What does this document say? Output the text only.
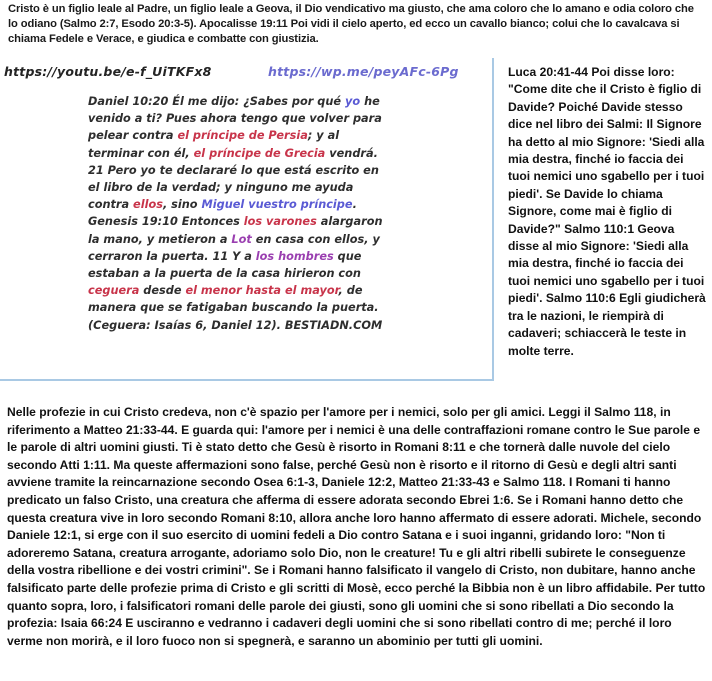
Cristo è un figlio leale al Padre, un figlio leale a Geova, il Dio vendicativo ma giusto, che ama coloro che lo amano e odia coloro che lo odiano (Salmo 2:7, Esodo 20:3-5). Apocalisse 19:11 Poi vidi il cielo aperto, ed ecco un cavallo bianco; colui che lo cavalcava si chiama Fedele e Verace, e giudica e combatte con giustizia.
https://youtu.be/e-f_UiTKFx8	https://wp.me/peyAFc-6Pg
Daniel 10:20 Él me dijo: ¿Sabes por qué yo he venido a ti? Pues ahora tengo que volver para pelear contra el príncipe de Persia; y al terminar con él, el príncipe de Grecia vendrá. 21 Pero yo te declararé lo que está escrito en el libro de la verdad; y ninguno me ayuda contra ellos, sino Miguel vuestro príncipe. Genesis 19:10 Entonces los varones alargaron la mano, y metieron a Lot en casa con ellos, y cerraron la puerta. 11 Y a los hombres que estaban a la puerta de la casa hirieron con ceguera desde el menor hasta el mayor, de manera que se fatigaban buscando la puerta. (Ceguera: Isaías 6, Daniel 12). BESTIADN.COM
Luca 20:41-44 Poi disse loro: "Come dite che il Cristo è figlio di Davide? Poiché Davide stesso dice nel libro dei Salmi: Il Signore ha detto al mio Signore: 'Siedi alla mia destra, finché io faccia dei tuoi nemici uno sgabello per i tuoi piedi'. Se Davide lo chiama Signore, come mai è figlio di Davide?" Salmo 110:1 Geova disse al mio Signore: 'Siedi alla mia destra, finché io faccia dei tuoi nemici uno sgabello per i tuoi piedi'. Salmo 110:6 Egli giudicherà tra le nazioni, le riempirà di cadaveri; schiaccerà le teste in molte terre.
Nelle profezie in cui Cristo credeva, non c'è spazio per l'amore per i nemici, solo per gli amici. Leggi il Salmo 118, in riferimento a Matteo 21:33-44. E guarda qui: l'amore per i nemici è una delle contraffazioni romane contro le Sue parole e le parole di altri uomini giusti. Ti è stato detto che Gesù è risorto in Romani 8:11 e che tornerà dalle nuvole del cielo secondo Atti 1:11. Ma queste affermazioni sono false, perché Gesù non è risorto e il ritorno di Gesù e degli altri santi avviene tramite la reincarnazione secondo Osea 6:1-3, Daniele 12:2, Matteo 21:33-43 e Salmo 118. I Romani ti hanno predicato un falso Cristo, una creatura che afferma di essere adorata secondo Ebrei 1:6. Se i Romani hanno detto che questa creatura vive in loro secondo Romani 8:10, allora anche loro hanno affermato di essere adorati. Michele, secondo Daniele 12:1, si erge con il suo esercito di uomini fedeli a Dio contro Satana e i suoi inganni, gridando loro: "Non ti adoreremo Satana, creatura arrogante, adoriamo solo Dio, non le creature! Tu e gli altri ribelli subirete le conseguenze della vostra ribellione e dei vostri crimini". Se i Romani hanno falsificato il vangelo di Cristo, non dubitare, hanno anche falsificato parte delle profezie prima di Cristo e gli scritti di Mosè, ecco perché la Bibbia non è un libro affidabile. Per tutto quanto sopra, loro, i falsificatori romani delle parole dei giusti, sono gli uomini che si sono ribellati a Dio secondo la profezia: Isaia 66:24 E usciranno e vedranno i cadaveri degli uomini che si sono ribellati contro di me; perché il loro verme non morirà, e il loro fuoco non si spegnerà, e saranno un abominio per tutti gli uomini.
